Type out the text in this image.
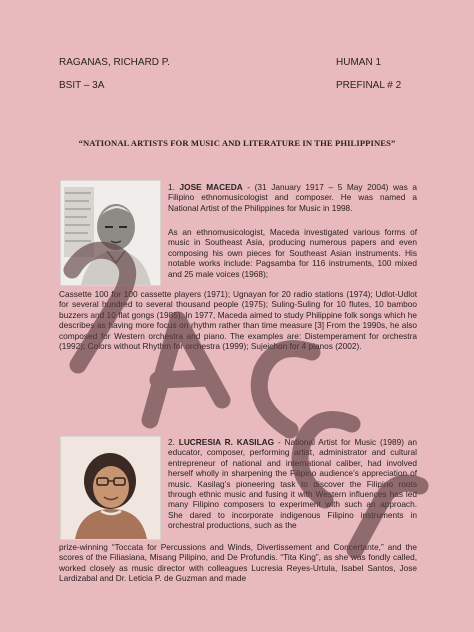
RAGANAS, RICHARD P.	HUMAN 1
BSIT – 3A	PREFINAL # 2
“NATIONAL ARTISTS FOR MUSIC AND LITERATURE IN THE PHILIPPINES”
1. JOSE MACEDA - (31 January 1917 – 5 May 2004) was a Filipino ethnomusicologist and composer. He was named a National Artist of the Philippines for Music in 1998.
As an ethnomusicologist, Maceda investigated various forms of music in Southeast Asia, producing numerous papers and even composing his own pieces for Southeast Asian instruments. His notable works include: Pagsamba for 116 instruments, 100 mixed and 25 male voices (1968);
Cassette 100 for 100 cassette players (1971); Ugnayan for 20 radio stations (1974); Udlot-Udlot for several hundred to several thousand people (1975); Suling-Suling for 10 flutes, 10 bamboo buzzers and 10 flat gongs (1985). In 1977, Maceda aimed to study Philippine folk songs which he describes as having more focus on rhythm rather than time measure [3] From the 1990s, he also composed for Western orchestra and piano. The examples are: Distemperament for orchestra (1992); Colors without Rhythm for orchestra (1999); Sujeichon for 4 pianos (2002).
2. LUCRESIA R. KASILAG - National Artist for Music (1989) an educator, composer, performing artist, administrator and cultural entrepreneur of national and international caliber, had involved herself wholly in sharpening the Filipino audience’s appreciation of music. Kasilag’s pioneering task to discover the Filipino roots through ethnic music and fusing it with Western influences has led many Filipino composers to experiment with such an approach. She dared to incorporate indigenous Filipino instruments in orchestral productions, such as the
prize-winning “Toccata for Percussions and Winds, Divertissement and Concertante,” and the scores of the Filiasiana, Misang Pilipino, and De Profundis. “Tita King”, as she was fondly called, worked closely as music director with colleagues Lucresia Reyes-Urtula, Isabel Santos, Jose Lardizabal and Dr. Leticia P. de Guzman and made
